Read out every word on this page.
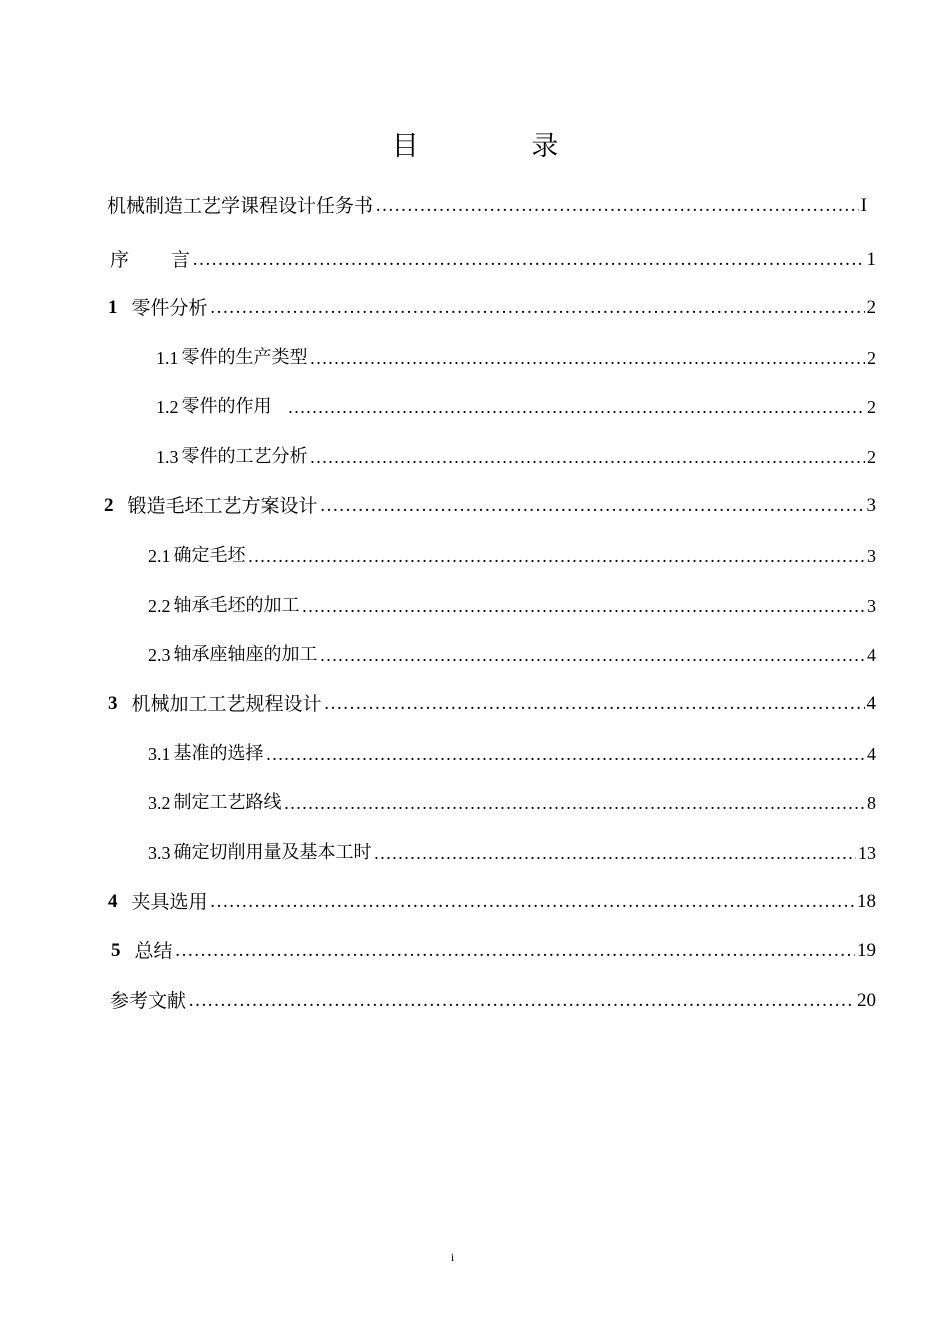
目 录
机械制造工艺学课程设计任务书 …………………………………………………………………………………………………………………………………………………………………………………	I
序 言 …………………………………………………………………………………………………………………………………………………………………………………	1
1 零件分析 …………………………………………………………………………………………………………………………………………………………………………………	2
1.1 零件的生产类型 …………………………………………………………………………………………………………………………………………………………………………………	2
1.2 零件的作用 …………………………………………………………………………………………………………………………………………………………………………………	2
1.3 零件的工艺分析 …………………………………………………………………………………………………………………………………………………………………………………	2
2 锻造毛坯工艺方案设计 …………………………………………………………………………………………………………………………………………………………………………………	3
2.1 确定毛坯 …………………………………………………………………………………………………………………………………………………………………………………	3
2.2 轴承毛坯的加工 …………………………………………………………………………………………………………………………………………………………………………………	3
2.3 轴承座轴座的加工 …………………………………………………………………………………………………………………………………………………………………………………	4
3 机械加工工艺规程设计 …………………………………………………………………………………………………………………………………………………………………………………	4
3.1 基准的选择 …………………………………………………………………………………………………………………………………………………………………………………	4
3.2 制定工艺路线 …………………………………………………………………………………………………………………………………………………………………………………	8
3.3 确定切削用量及基本工时 …………………………………………………………………………………………………………………………………………………………………………………	13
4 夹具选用 …………………………………………………………………………………………………………………………………………………………………………………	18
5 总结 …………………………………………………………………………………………………………………………………………………………………………………	19
参考文献 …………………………………………………………………………………………………………………………………………………………………………………	20
i
